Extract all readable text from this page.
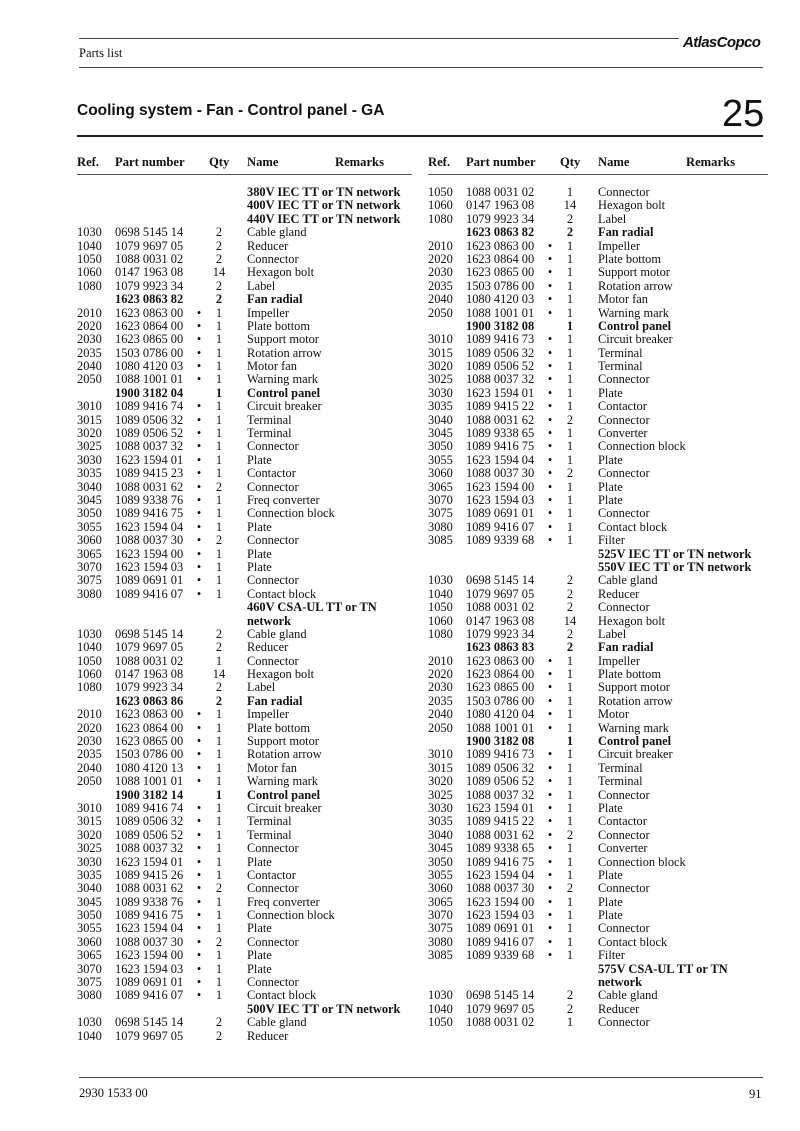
Parts list
AtlasCopco
Cooling system - Fan - Control panel - GA	25
Ref. Part number Qty Name	Remarks
380V IEC TT or TN network
400V IEC TT or TN network
440V IEC TT or TN network
1030 0698 5145 14	2	Cable gland
1040 1079 9697 05	2	Reducer
1050 1088 0031 02	2	Connector
1060 0147 1963 08	14	Hexagon bolt
1080 1079 9923 34	2	Label
1623 0863 82	2	Fan radial
2010 1623 0863 00 •	1	Impeller
2020 1623 0864 00 •	1	Plate bottom
2030 1623 0865 00 •	1	Support motor
2035 1503 0786 00 •	1	Rotation arrow
2040 1080 4120 03 •	1	Motor fan
2050 1088 1001 01 •	1	Warning mark
1900 3182 04	1	Control panel
3010 1089 9416 74 •	1	Circuit breaker
3015 1089 0506 32 •	1	Terminal
3020 1089 0506 52 •	1	Terminal
3025 1088 0037 32 •	1	Connector
3030 1623 1594 01 •	1	Plate
3035 1089 9415 23 •	1	Contactor
3040 1088 0031 62 •	2	Connector
3045 1089 9338 76 •	1	Freq converter
3050 1089 9416 75 •	1	Connection block
3055 1623 1594 04 •	1	Plate
3060 1088 0037 30 •	2	Connector
3065 1623 1594 00 •	1	Plate
3070 1623 1594 03 •	1	Plate
3075 1089 0691 01 •	1	Connector
3080 1089 9416 07 •	1	Contact block
460V CSA-UL TT or TN
network
1030 0698 5145 14	2	Cable gland
1040 1079 9697 05	2	Reducer
1050 1088 0031 02	1	Connector
1060 0147 1963 08	14	Hexagon bolt
1080 1079 9923 34	2	Label
1623 0863 86	2	Fan radial
2010 1623 0863 00 •	1	Impeller
2020 1623 0864 00 •	1	Plate bottom
2030 1623 0865 00 •	1	Support motor
2035 1503 0786 00 •	1	Rotation arrow
2040 1080 4120 13 •	1	Motor fan
2050 1088 1001 01 •	1	Warning mark
1900 3182 14	1	Control panel
3010 1089 9416 74 •	1	Circuit breaker
3015 1089 0506 32 •	1	Terminal
3020 1089 0506 52 •	1	Terminal
3025 1088 0037 32 •	1	Connector
3030 1623 1594 01 •	1	Plate
3035 1089 9415 26 •	1	Contactor
3040 1088 0031 62 •	2	Connector
3045 1089 9338 76 •	1	Freq converter
3050 1089 9416 75 •	1	Connection block
3055 1623 1594 04 •	1	Plate
3060 1088 0037 30 •	2	Connector
3065 1623 1594 00 •	1	Plate
3070 1623 1594 03 •	1	Plate
3075 1089 0691 01 •	1	Connector
3080 1089 9416 07 •	1	Contact block
500V IEC TT or TN network
1030 0698 5145 14	2	Cable gland
1040 1079 9697 05	2	Reducer
Ref. Part number Qty Name	Remarks
1050 1088 0031 02	1	Connector
1060 0147 1963 08	14	Hexagon bolt
1080 1079 9923 34	2	Label
1623 0863 82	2	Fan radial
2010 1623 0863 00 •	1	Impeller
2020 1623 0864 00 •	1	Plate bottom
2030 1623 0865 00 •	1	Support motor
2035 1503 0786 00 •	1	Rotation arrow
2040 1080 4120 03 •	1	Motor fan
2050 1088 1001 01 •	1	Warning mark
1900 3182 08	1	Control panel
3010 1089 9416 73 •	1	Circuit breaker
3015 1089 0506 32 •	1	Terminal
3020 1089 0506 52 •	1	Terminal
3025 1088 0037 32 •	1	Connector
3030 1623 1594 01 •	1	Plate
3035 1089 9415 22 •	1	Contactor
3040 1088 0031 62 •	2	Connector
3045 1089 9338 65 •	1	Converter
3050 1089 9416 75 •	1	Connection block
3055 1623 1594 04 •	1	Plate
3060 1088 0037 30 •	2	Connector
3065 1623 1594 00 •	1	Plate
3070 1623 1594 03 •	1	Plate
3075 1089 0691 01 •	1	Connector
3080 1089 9416 07 •	1	Contact block
3085 1089 9339 68 •	1	Filter
525V IEC TT or TN network
550V IEC TT or TN network
1030 0698 5145 14	2	Cable gland
1040 1079 9697 05	2	Reducer
1050 1088 0031 02	2	Connector
1060 0147 1963 08	14	Hexagon bolt
1080 1079 9923 34	2	Label
1623 0863 83	2	Fan radial
2010 1623 0863 00 •	1	Impeller
2020 1623 0864 00 •	1	Plate bottom
2030 1623 0865 00 •	1	Support motor
2035 1503 0786 00 •	1	Rotation arrow
2040 1080 4120 04 •	1	Motor
2050 1088 1001 01 •	1	Warning mark
1900 3182 08	1	Control panel
3010 1089 9416 73 •	1	Circuit breaker
3015 1089 0506 32 •	1	Terminal
3020 1089 0506 52 •	1	Terminal
3025 1088 0037 32 •	1	Connector
3030 1623 1594 01 •	1	Plate
3035 1089 9415 22 •	1	Contactor
3040 1088 0031 62 •	2	Connector
3045 1089 9338 65 •	1	Converter
3050 1089 9416 75 •	1	Connection block
3055 1623 1594 04 •	1	Plate
3060 1088 0037 30 •	2	Connector
3065 1623 1594 00 •	1	Plate
3070 1623 1594 03 •	1	Plate
3075 1089 0691 01 •	1	Connector
3080 1089 9416 07 •	1	Contact block
3085 1089 9339 68 •	1	Filter
575V CSA-UL TT or TN
network
1030 0698 5145 14	2	Cable gland
1040 1079 9697 05	2	Reducer
1050 1088 0031 02	1	Connector
2930 1533 00	91
